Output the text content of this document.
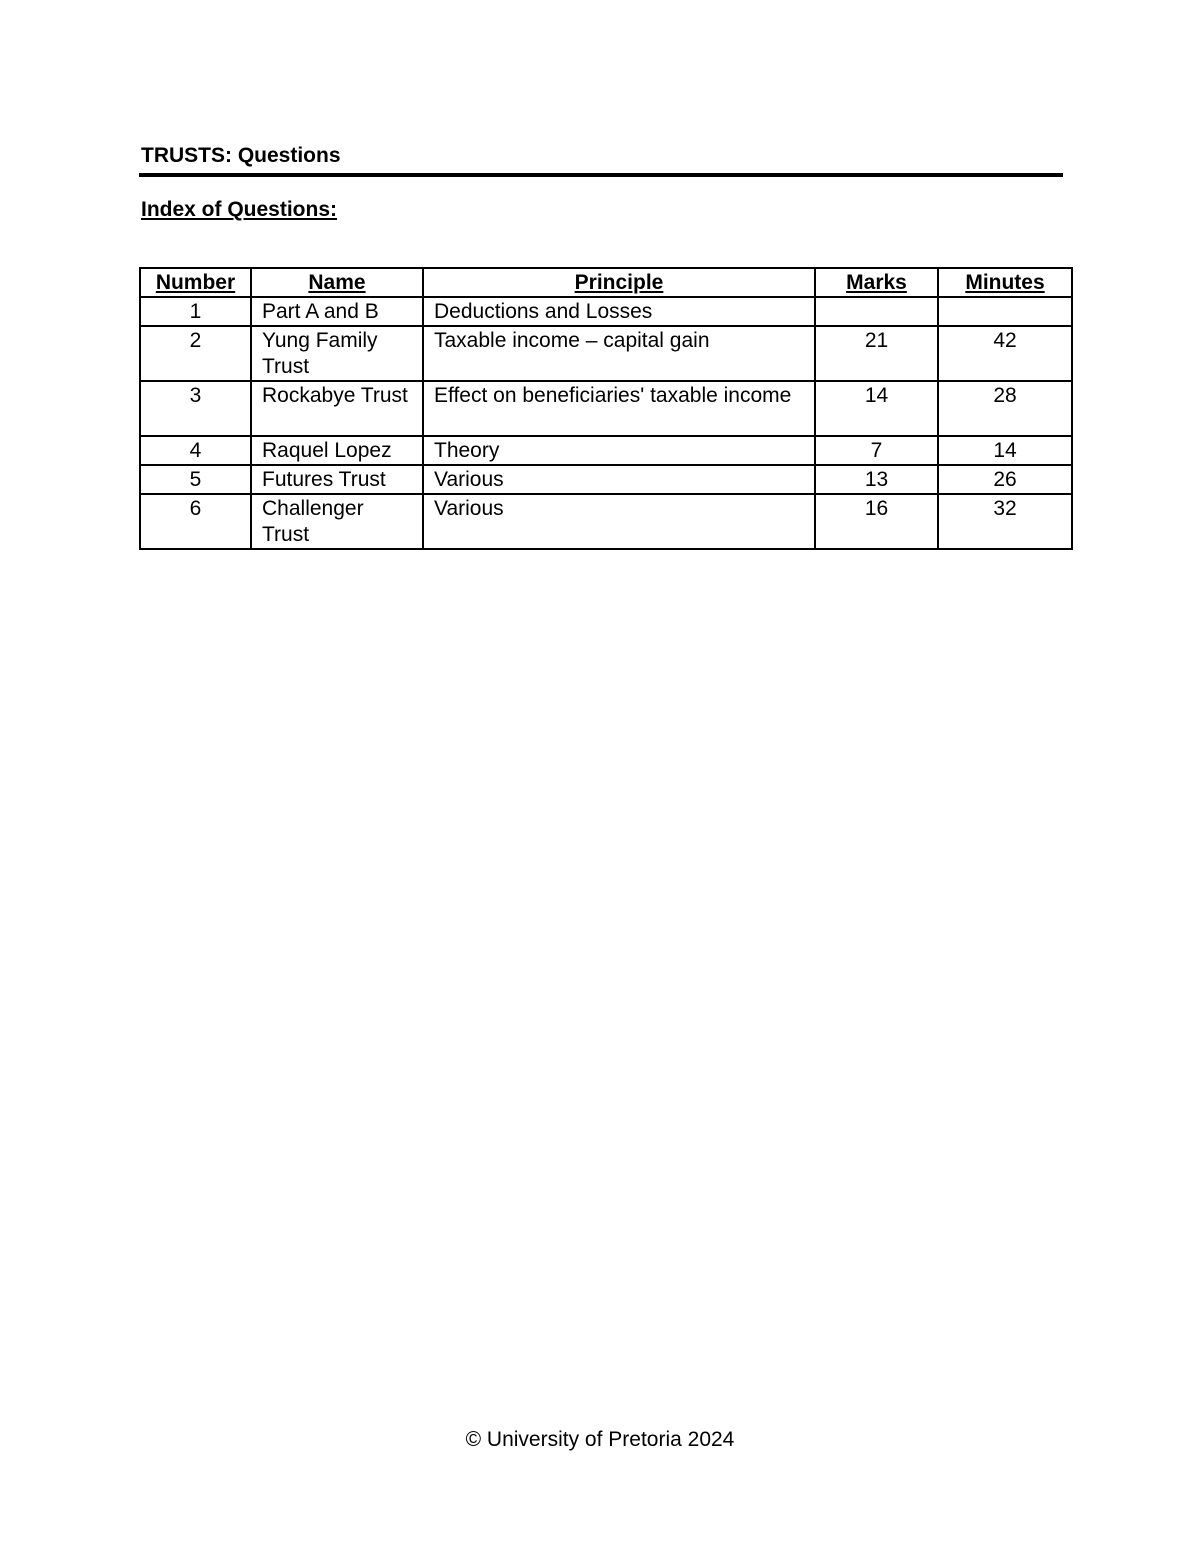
TRUSTS: Questions
Index of Questions:
Number	Name	Principle	Marks	Minutes
1	Part A and B	Deductions and Losses		
2	Yung Family Trust	Taxable income – capital gain	21	42
3	Rockabye Trust	Effect on beneficiaries' taxable income	14	28
4	Raquel Lopez	Theory	7	14
5	Futures Trust	Various	13	26
6	Challenger Trust	Various	16	32
© University of Pretoria 2024
